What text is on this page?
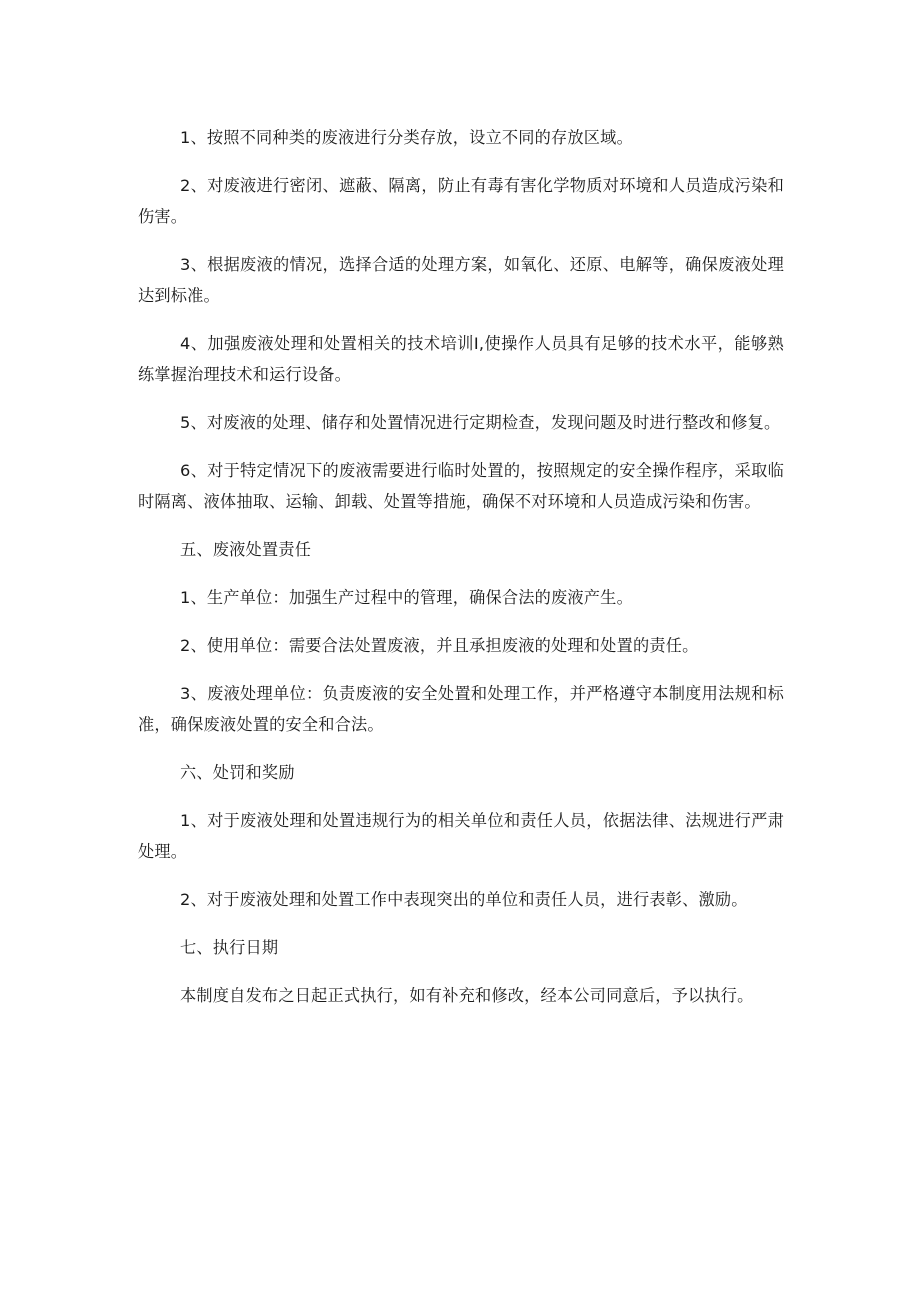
1、按照不同种类的废液进行分类存放，设立不同的存放区域。

2、对废液进行密闭、遮蔽、隔离，防止有毒有害化学物质对环境和人员造成污染和伤害。

3、根据废液的情况，选择合适的处理方案，如氧化、还原、电解等，确保废液处理达到标准。

4、加强废液处理和处置相关的技术培训I,使操作人员具有足够的技术水平，能够熟练掌握治理技术和运行设备。

5、对废液的处理、储存和处置情况进行定期检查，发现问题及时进行整改和修复。

6、对于特定情况下的废液需要进行临时处置的，按照规定的安全操作程序，采取临时隔离、液体抽取、运输、卸载、处置等措施，确保不对环境和人员造成污染和伤害。

五、废液处置责任

1、生产单位：加强生产过程中的管理，确保合法的废液产生。

2、使用单位：需要合法处置废液，并且承担废液的处理和处置的责任。

3、废液处理单位：负责废液的安全处置和处理工作，并严格遵守本制度用法规和标准，确保废液处置的安全和合法。

六、处罚和奖励

1、对于废液处理和处置违规行为的相关单位和责任人员，依据法律、法规进行严肃处理。

2、对于废液处理和处置工作中表现突出的单位和责任人员，进行表彰、激励。

七、执行日期

本制度自发布之日起正式执行，如有补充和修改，经本公司同意后，予以执行。
